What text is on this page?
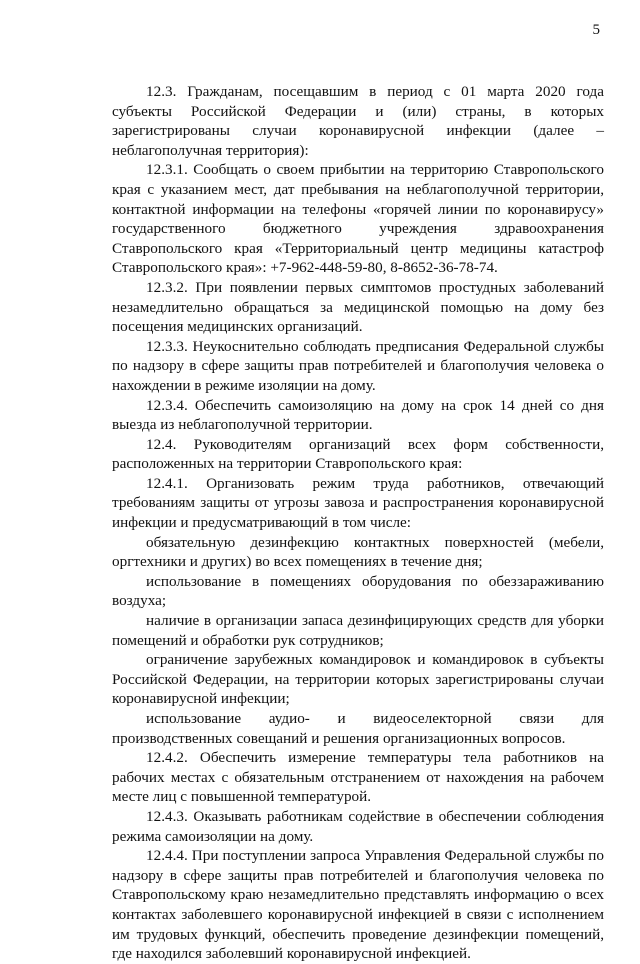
5

12.3. Гражданам, посещавшим в период с 01 марта 2020 года субъекты Российской Федерации и (или) страны, в которых зарегистрированы случаи коронавирусной инфекции (далее – неблагополучная территория):

12.3.1. Сообщать о своем прибытии на территорию Ставропольского края с указанием мест, дат пребывания на неблагополучной территории, контактной информации на телефоны «горячей линии по коронавирусу» государственного бюджетного учреждения здравоохранения Ставропольского края «Территориальный центр медицины катастроф Ставропольского края»: +7-962-448-59-80, 8-8652-36-78-74.

12.3.2. При появлении первых симптомов простудных заболеваний незамедлительно обращаться за медицинской помощью на дому без посещения медицинских организаций.

12.3.3. Неукоснительно соблюдать предписания Федеральной службы по надзору в сфере защиты прав потребителей и благополучия человека о нахождении в режиме изоляции на дому.

12.3.4. Обеспечить самоизоляцию на дому на срок 14 дней со дня выезда из неблагополучной территории.

12.4. Руководителям организаций всех форм собственности, расположенных на территории Ставропольского края:

12.4.1. Организовать режим труда работников, отвечающий требованиям защиты от угрозы завоза и распространения коронавирусной инфекции и предусматривающий в том числе:

обязательную дезинфекцию контактных поверхностей (мебели, оргтехники и других) во всех помещениях в течение дня;

использование в помещениях оборудования по обеззараживанию воздуха;

наличие в организации запаса дезинфицирующих средств для уборки помещений и обработки рук сотрудников;

ограничение зарубежных командировок и командировок в субъекты Российской Федерации, на территории которых зарегистрированы случаи коронавирусной инфекции;

использование аудио- и видеоселекторной связи для производственных совещаний и решения организационных вопросов.

12.4.2. Обеспечить измерение температуры тела работников на рабочих местах с обязательным отстранением от нахождения на рабочем месте лиц с повышенной температурой.

12.4.3. Оказывать работникам содействие в обеспечении соблюдения режима самоизоляции на дому.

12.4.4. При поступлении запроса Управления Федеральной службы по надзору в сфере защиты прав потребителей и благополучия человека по Ставропольскому краю незамедлительно представлять информацию о всех контактах заболевшего коронавирусной инфекцией в связи с исполнением им трудовых функций, обеспечить проведение дезинфекции помещений, где находился заболевший коронавирусной инфекцией.
